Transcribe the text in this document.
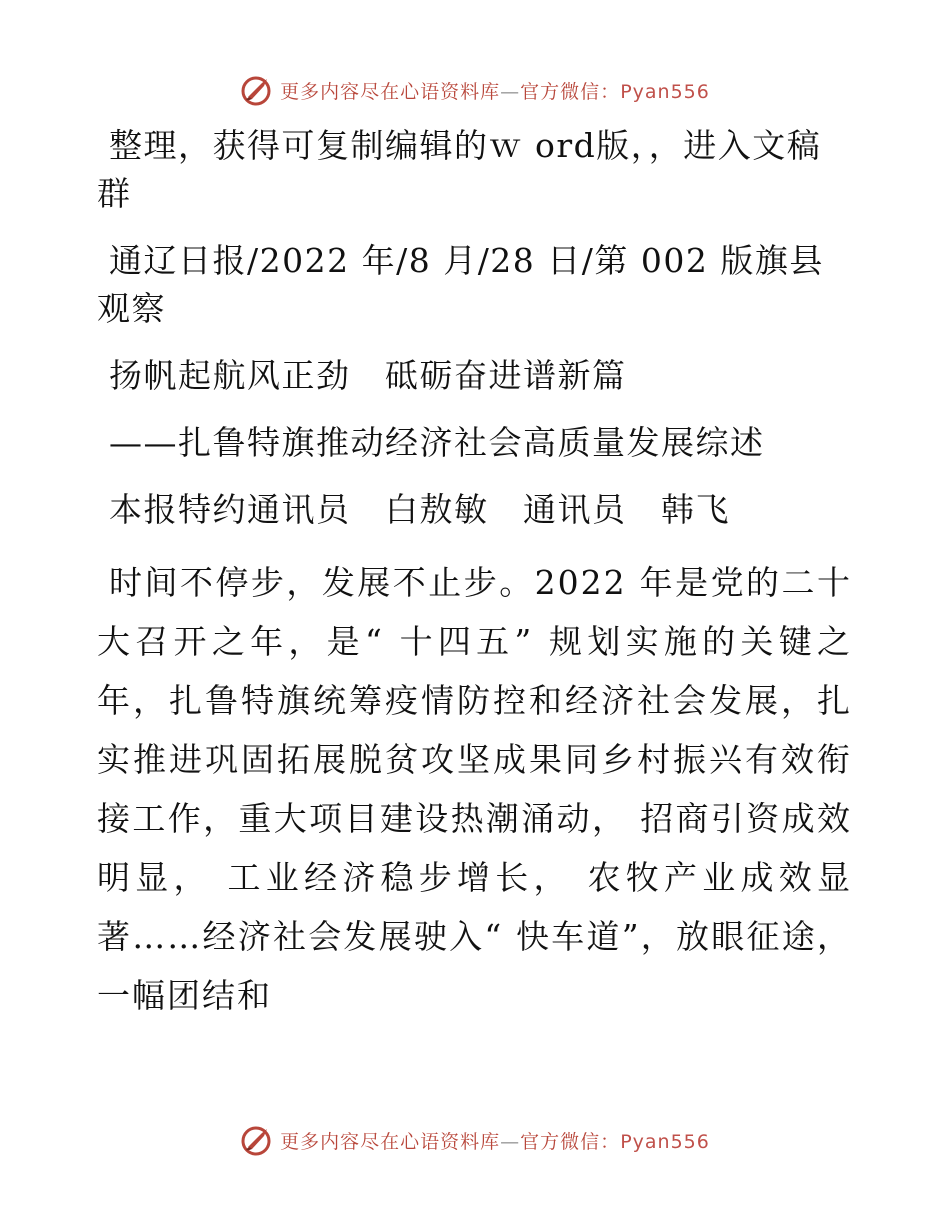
更多内容尽在心语资料库—官方微信：Pyan556

整理，获得可复制编辑的ｗ ord版，，进入文稿群

通辽日报/2022 年/8 月/28 日/第 002 版旗县观察

扬帆起航风正劲　砥砺奋进谱新篇

——扎鲁特旗推动经济社会高质量发展综述

本报特约通讯员　白敖敏　通讯员　韩飞

时间不停步，发展不止步。2022 年是党的二十大召开之年，是“ 十四五” 规划实施的关键之年，扎鲁特旗统筹疫情防控和经济社会发展，扎实推进巩固拓展脱贫攻坚成果同乡村振兴有效衔接工作，重大项目建设热潮涌动， 招商引资成效明显， 工业经济稳步增长， 农牧产业成效显著……经济社会发展驶入“ 快车道”，放眼征途，一幅团结和

更多内容尽在心语资料库—官方微信：Pyan556
